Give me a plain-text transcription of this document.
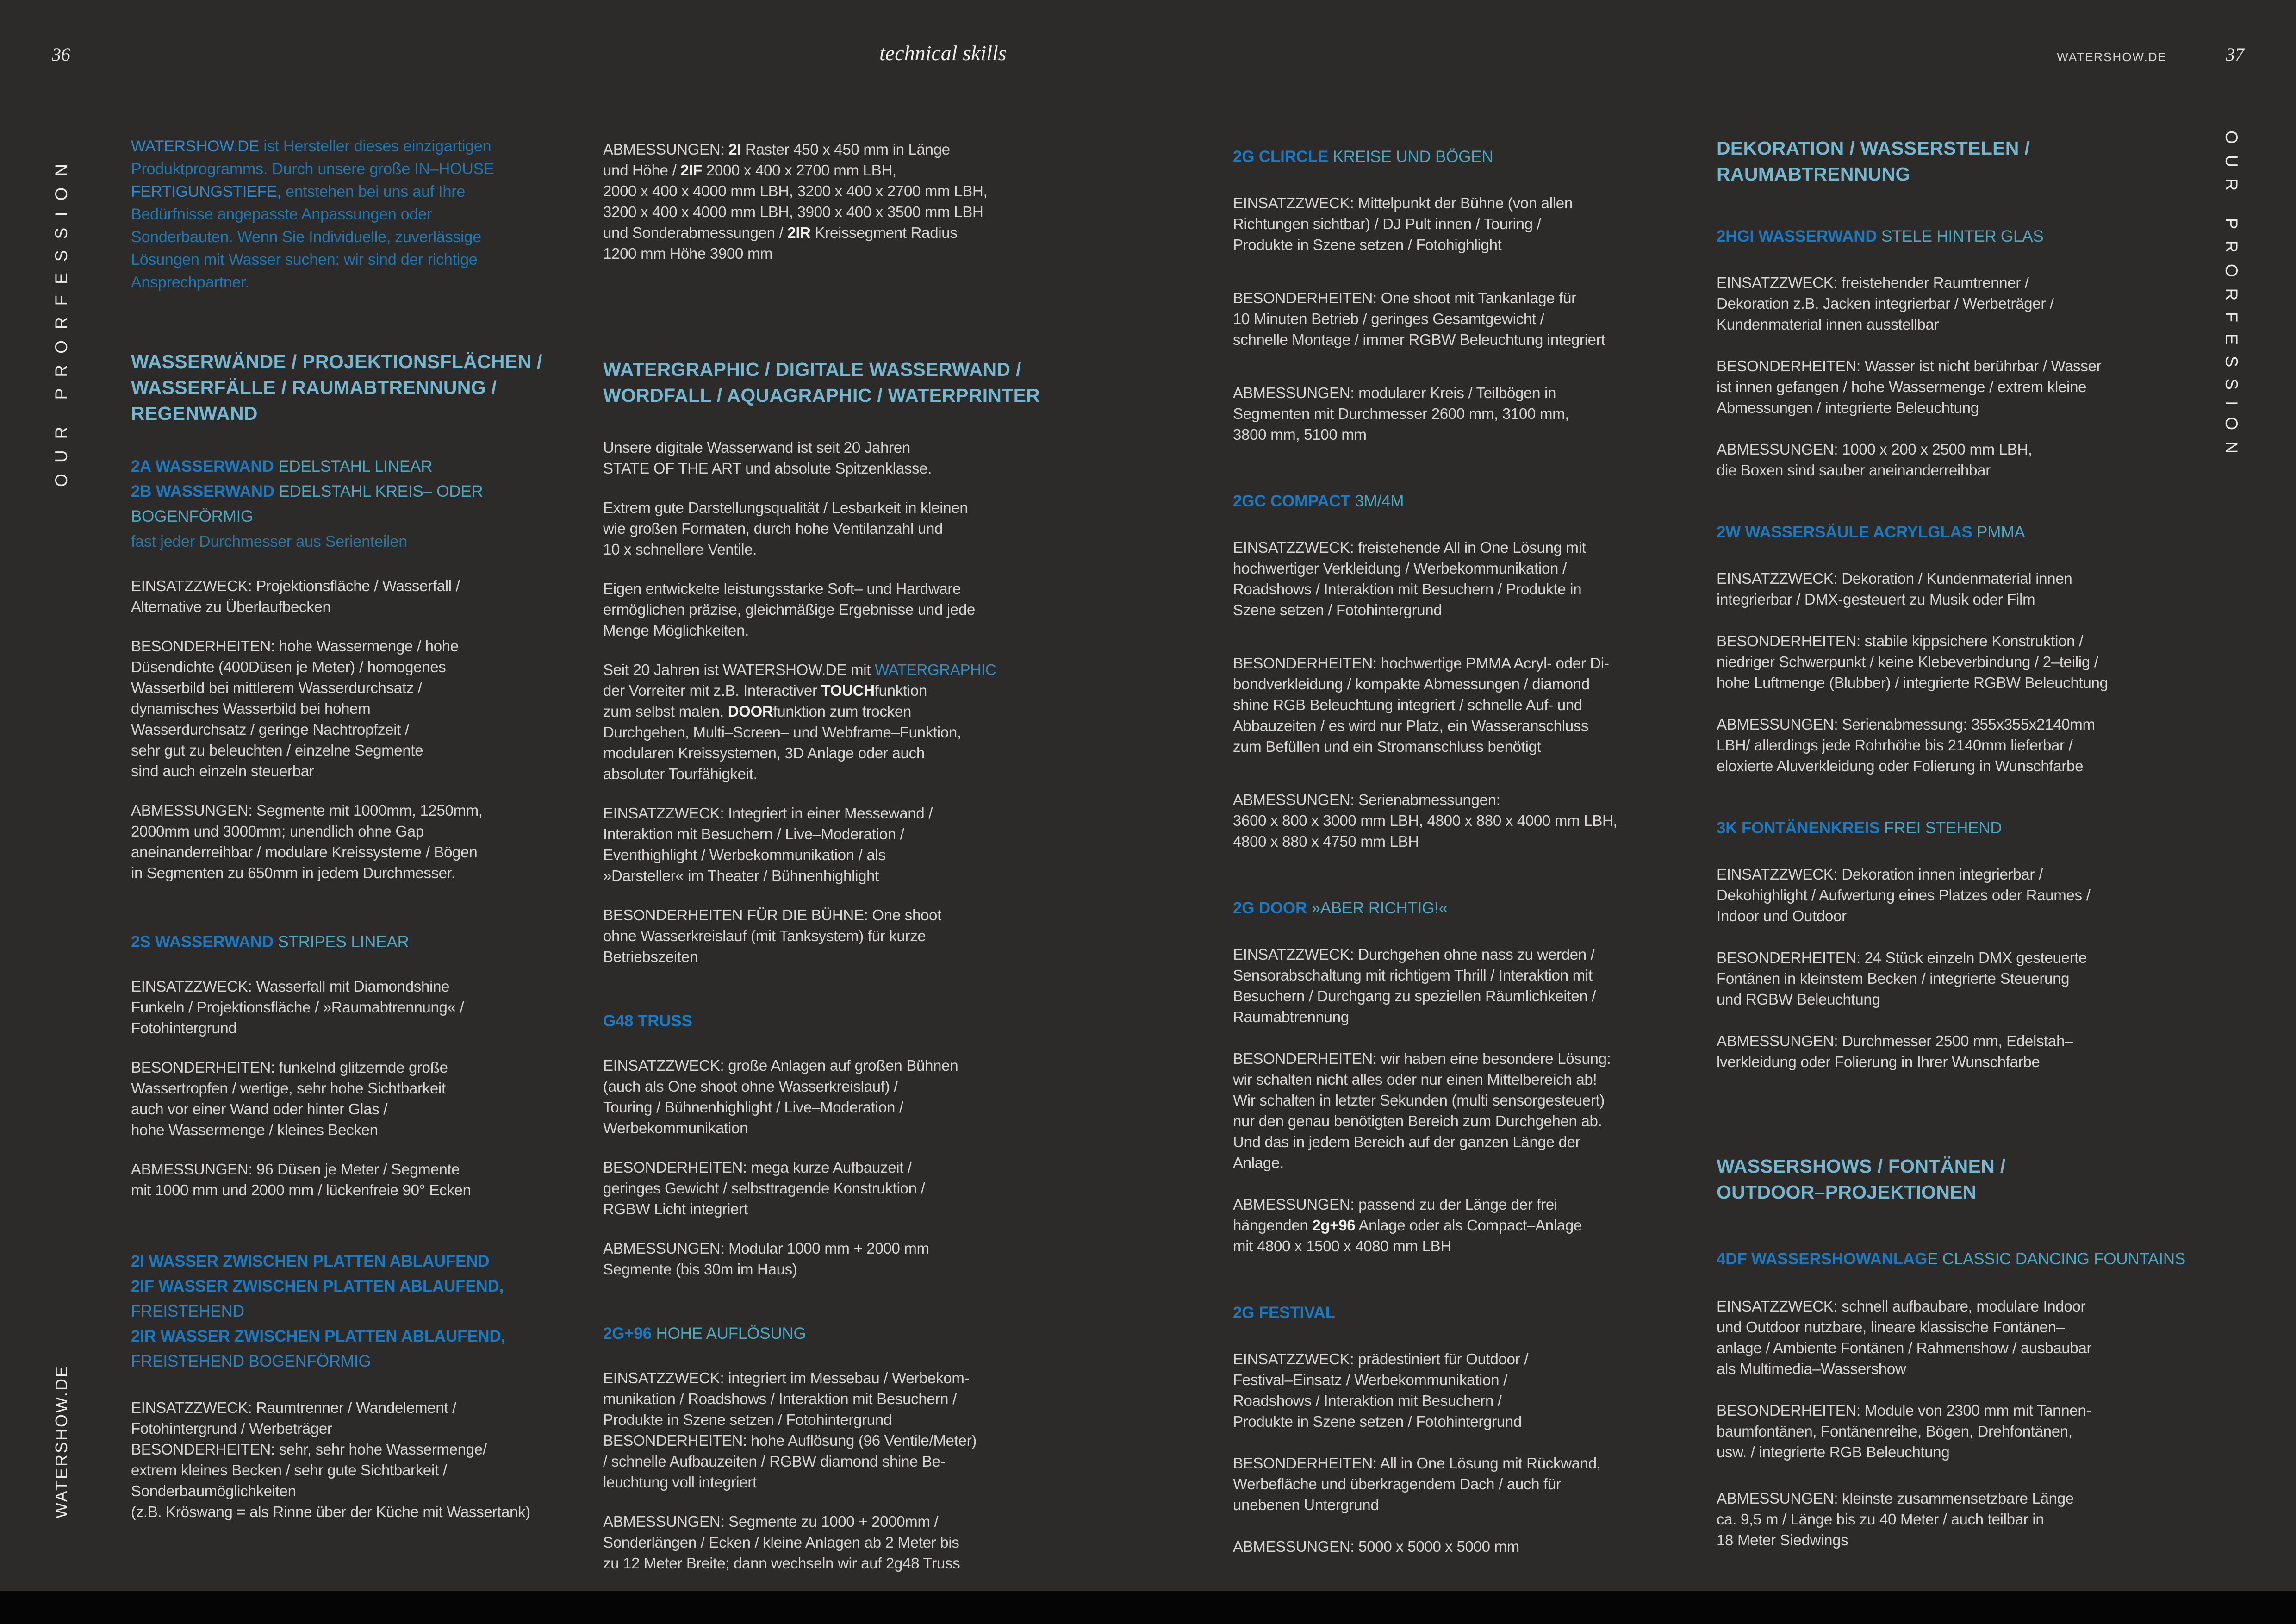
36	technical skills	WATERSHOW.DE	37
OUR PRORFESSION
WATERSHOW.DE
OUR PRORFESSION
WATERSHOW.DE ist Hersteller dieses einzigartigen
Produktprogramms. Durch unsere große IN–HOUSE
FERTIGUNGSTIEFE, entstehen bei uns auf Ihre
Bedürfnisse angepasste Anpassungen oder
Sonderbauten. Wenn Sie Individuelle, zuverlässige
Lösungen mit Wasser suchen: wir sind der richtige
Ansprechpartner.
WASSERWÄNDE / PROJEKTIONSFLÄCHEN /
WASSERFÄLLE / RAUMABTRENNUNG /
REGENWAND
2A WASSERWAND EDELSTAHL LINEAR
2B WASSERWAND EDELSTAHL KREIS– ODER
BOGENFÖRMIG
fast jeder Durchmesser aus Serienteilen
EINSATZZWECK: Projektionsfläche / Wasserfall /
Alternative zu Überlaufbecken
BESONDERHEITEN: hohe Wassermenge / hohe
Düsendichte (400Düsen je Meter) / homogenes
Wasserbild bei mittlerem Wasserdurchsatz /
dynamisches Wasserbild bei hohem
Wasserdurchsatz / geringe Nachtropfzeit /
sehr gut zu beleuchten / einzelne Segmente
sind auch einzeln steuerbar
ABMESSUNGEN: Segmente mit 1000mm, 1250mm,
2000mm und 3000mm; unendlich ohne Gap
aneinanderreihbar / modulare Kreissysteme / Bögen
in Segmenten zu 650mm in jedem Durchmesser.
2S WASSERWAND STRIPES LINEAR
EINSATZZWECK: Wasserfall mit Diamondshine
Funkeln / Projektionsfläche / »Raumabtrennung« /
Fotohintergrund
BESONDERHEITEN: funkelnd glitzernde große
Wassertropfen / wertige, sehr hohe Sichtbarkeit
auch vor einer Wand oder hinter Glas /
hohe Wassermenge / kleines Becken
ABMESSUNGEN: 96 Düsen je Meter / Segmente
mit 1000 mm und 2000 mm / lückenfreie 90° Ecken
2I WASSER ZWISCHEN PLATTEN ABLAUFEND
2IF WASSER ZWISCHEN PLATTEN ABLAUFEND,
FREISTEHEND
2IR WASSER ZWISCHEN PLATTEN ABLAUFEND,
FREISTEHEND BOGENFÖRMIG
EINSATZZWECK: Raumtrenner / Wandelement /
Fotohintergrund / Werbeträger
BESONDERHEITEN: sehr, sehr hohe Wassermenge/
extrem kleines Becken / sehr gute Sichtbarkeit /
Sonderbaumöglichkeiten
(z.B. Kröswang = als Rinne über der Küche mit Wassertank)
ABMESSUNGEN: 2I Raster 450 x 450 mm in Länge
und Höhe / 2IF 2000 x 400 x 2700 mm LBH,
2000 x 400 x 4000 mm LBH, 3200 x 400 x 2700 mm LBH,
3200 x 400 x 4000 mm LBH, 3900 x 400 x 3500 mm LBH
und Sonderabmessungen / 2IR Kreissegment Radius
1200 mm Höhe 3900 mm
WATERGRAPHIC / DIGITALE WASSERWAND /
WORDFALL / AQUAGRAPHIC / WATERPRINTER
Unsere digitale Wasserwand ist seit 20 Jahren
STATE OF THE ART und absolute Spitzenklasse.
Extrem gute Darstellungsqualität / Lesbarkeit in kleinen
wie großen Formaten, durch hohe Ventilanzahl und
10 x schnellere Ventile.
Eigen entwickelte leistungsstarke Soft– und Hardware
ermöglichen präzise, gleichmäßige Ergebnisse und jede
Menge Möglichkeiten.
Seit 20 Jahren ist WATERSHOW.DE mit WATERGRAPHIC
der Vorreiter mit z.B. Interactiver TOUCHfunktion
zum selbst malen, DOORfunktion zum trocken
Durchgehen, Multi–Screen– und Webframe–Funktion,
modularen Kreissystemen, 3D Anlage oder auch
absoluter Tourfähigkeit.
EINSATZZWECK: Integriert in einer Messewand /
Interaktion mit Besuchern / Live–Moderation /
Eventhighlight / Werbekommunikation / als
»Darsteller« im Theater / Bühnenhighlight
BESONDERHEITEN FÜR DIE BÜHNE: One shoot
ohne Wasserkreislauf (mit Tanksystem) für kurze
Betriebszeiten
G48 TRUSS
EINSATZZWECK: große Anlagen auf großen Bühnen
(auch als One shoot ohne Wasserkreislauf) /
Touring / Bühnenhighlight / Live–Moderation /
Werbekommunikation
BESONDERHEITEN: mega kurze Aufbauzeit /
geringes Gewicht / selbsttragende Konstruktion /
RGBW Licht integriert
ABMESSUNGEN: Modular 1000 mm + 2000 mm
Segmente (bis 30m im Haus)
2G+96 HOHE AUFLÖSUNG
EINSATZZWECK: integriert im Messebau / Werbekom-
munikation / Roadshows / Interaktion mit Besuchern /
Produkte in Szene setzen / Fotohintergrund
BESONDERHEITEN: hohe Auflösung (96 Ventile/Meter)
/ schnelle Aufbauzeiten / RGBW diamond shine Be-
leuchtung voll integriert
ABMESSUNGEN: Segmente zu 1000 + 2000mm /
Sonderlängen / Ecken / kleine Anlagen ab 2 Meter bis
zu 12 Meter Breite; dann wechseln wir auf 2g48 Truss
2G CLIRCLE KREISE UND BÖGEN
EINSATZZWECK: Mittelpunkt der Bühne (von allen
Richtungen sichtbar) / DJ Pult innen / Touring /
Produkte in Szene setzen / Fotohighlight
BESONDERHEITEN: One shoot mit Tankanlage für
10 Minuten Betrieb / geringes Gesamtgewicht /
schnelle Montage / immer RGBW Beleuchtung integriert
ABMESSUNGEN: modularer Kreis / Teilbögen in
Segmenten mit Durchmesser 2600 mm, 3100 mm,
3800 mm, 5100 mm
2GC COMPACT 3M/4M
EINSATZZWECK: freistehende All in One Lösung mit
hochwertiger Verkleidung / Werbekommunikation /
Roadshows / Interaktion mit Besuchern / Produkte in
Szene setzen / Fotohintergrund
BESONDERHEITEN: hochwertige PMMA Acryl- oder Di-
bondverkleidung / kompakte Abmessungen / diamond
shine RGB Beleuchtung integriert / schnelle Auf- und
Abbauzeiten / es wird nur Platz, ein Wasseranschluss
zum Befüllen und ein Stromanschluss benötigt
ABMESSUNGEN: Serienabmessungen:
3600 x 800 x 3000 mm LBH, 4800 x 880 x 4000 mm LBH,
4800 x 880 x 4750 mm LBH
2G DOOR »ABER RICHTIG!«
EINSATZZWECK: Durchgehen ohne nass zu werden /
Sensorabschaltung mit richtigem Thrill / Interaktion mit
Besuchern / Durchgang zu speziellen Räumlichkeiten /
Raumabtrennung
BESONDERHEITEN: wir haben eine besondere Lösung:
wir schalten nicht alles oder nur einen Mittelbereich ab!
Wir schalten in letzter Sekunden (multi sensorgesteuert)
nur den genau benötigten Bereich zum Durchgehen ab.
Und das in jedem Bereich auf der ganzen Länge der
Anlage.
ABMESSUNGEN: passend zu der Länge der frei
hängenden 2g+96 Anlage oder als Compact–Anlage
mit 4800 x 1500 x 4080 mm LBH
2G FESTIVAL
EINSATZZWECK: prädestiniert für Outdoor /
Festival–Einsatz / Werbekommunikation /
Roadshows / Interaktion mit Besuchern /
Produkte in Szene setzen / Fotohintergrund
BESONDERHEITEN: All in One Lösung mit Rückwand,
Werbefläche und überkragendem Dach / auch für
unebenen Untergrund
ABMESSUNGEN: 5000 x 5000 x 5000 mm
DEKORATION / WASSERSTELEN /
RAUMABTRENNUNG
2HGI WASSERWAND STELE HINTER GLAS
EINSATZZWECK: freistehender Raumtrenner /
Dekoration z.B. Jacken integrierbar / Werbeträger /
Kundenmaterial innen ausstellbar
BESONDERHEITEN: Wasser ist nicht berührbar / Wasser
ist innen gefangen / hohe Wassermenge / extrem kleine
Abmessungen / integrierte Beleuchtung
ABMESSUNGEN: 1000 x 200 x 2500 mm LBH,
die Boxen sind sauber aneinanderreihbar
2W WASSERSÄULE ACRYLGLAS PMMA
EINSATZZWECK: Dekoration / Kundenmaterial innen
integrierbar / DMX-gesteuert zu Musik oder Film
BESONDERHEITEN: stabile kippsichere Konstruktion /
niedriger Schwerpunkt / keine Klebeverbindung / 2–teilig /
hohe Luftmenge (Blubber) / integrierte RGBW Beleuchtung
ABMESSUNGEN: Serienabmessung: 355x355x2140mm
LBH/ allerdings jede Rohrhöhe bis 2140mm lieferbar /
eloxierte Aluverkleidung oder Folierung in Wunschfarbe
3K FONTÄNENKREIS FREI STEHEND
EINSATZZWECK: Dekoration innen integrierbar /
Dekohighlight / Aufwertung eines Platzes oder Raumes /
Indoor und Outdoor
BESONDERHEITEN: 24 Stück einzeln DMX gesteuerte
Fontänen in kleinstem Becken / integrierte Steuerung
und RGBW Beleuchtung
ABMESSUNGEN: Durchmesser 2500 mm, Edelstah–
lverkleidung oder Folierung in Ihrer Wunschfarbe
WASSERSHOWS / FONTÄNEN /
OUTDOOR–PROJEKTIONEN
4DF WASSERSHOWANLAGE CLASSIC DANCING FOUNTAINS
EINSATZZWECK: schnell aufbaubare, modulare Indoor
und Outdoor nutzbare, lineare klassische Fontänen–
anlage / Ambiente Fontänen / Rahmenshow / ausbaubar
als Multimedia–Wassershow
BESONDERHEITEN: Module von 2300 mm mit Tannen-
baumfontänen, Fontänenreihe, Bögen, Drehfontänen,
usw. / integrierte RGB Beleuchtung
ABMESSUNGEN: kleinste zusammensetzbare Länge
ca. 9,5 m / Länge bis zu 40 Meter / auch teilbar in
18 Meter Siedwings
